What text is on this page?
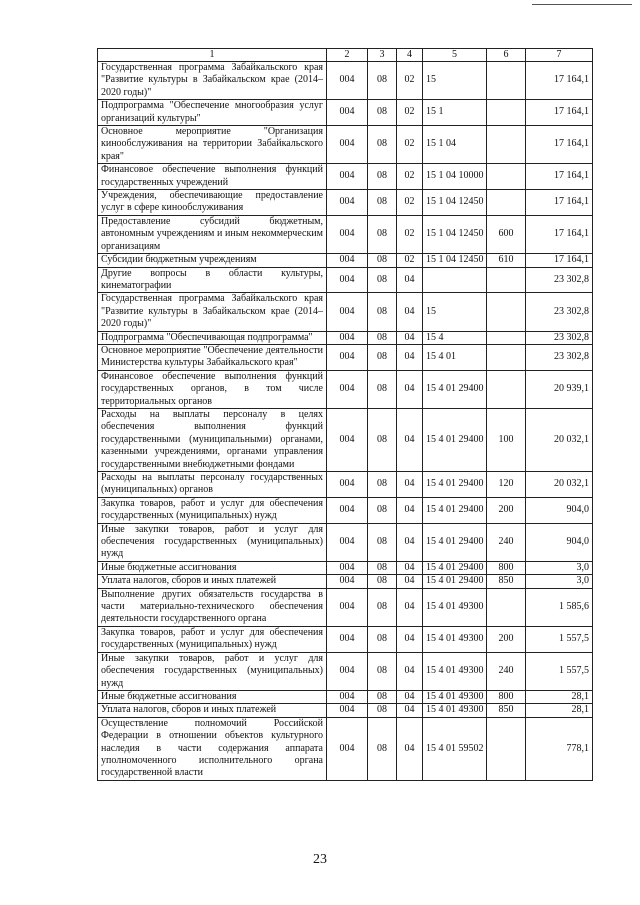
1	2	3	4	5	6	7
Государственная программа Забайкальского края "Развитие культуры в Забайкальском крае (2014–2020 годы)"	004	08	02	15		17 164,1
Подпрограмма "Обеспечение многообразия услуг организаций культуры"	004	08	02	15 1		17 164,1
Основное мероприятие "Организация кинообслуживания на территории Забайкальского края"	004	08	02	15 1 04		17 164,1
Финансовое обеспечение выполнения функций государственных учреждений	004	08	02	15 1 04 10000		17 164,1
Учреждения, обеспечивающие предоставление услуг в сфере кинообслуживания	004	08	02	15 1 04 12450		17 164,1
Предоставление субсидий бюджетным, автономным учреждениям и иным некоммерческим организациям	004	08	02	15 1 04 12450	600	17 164,1
Субсидии бюджетным учреждениям	004	08	02	15 1 04 12450	610	17 164,1
Другие вопросы в области культуры, кинематографии	004	08	04			23 302,8
Государственная программа Забайкальского края "Развитие культуры в Забайкальском крае (2014–2020 годы)"	004	08	04	15		23 302,8
Подпрограмма "Обеспечивающая подпрограмма"	004	08	04	15 4		23 302,8
Основное мероприятие "Обеспечение деятельности Министерства культуры Забайкальского края"	004	08	04	15 4 01		23 302,8
Финансовое обеспечение выполнения функций государственных органов, в том числе территориальных органов	004	08	04	15 4 01 29400		20 939,1
Расходы на выплаты персоналу в целях обеспечения выполнения функций государственными (муниципальными) органами, казенными учреждениями, органами управления государственными внебюджетными фондами	004	08	04	15 4 01 29400	100	20 032,1
Расходы на выплаты персоналу государственных (муниципальных) органов	004	08	04	15 4 01 29400	120	20 032,1
Закупка товаров, работ и услуг для обеспечения государственных (муниципальных) нужд	004	08	04	15 4 01 29400	200	904,0
Иные закупки товаров, работ и услуг для обеспечения государственных (муниципальных) нужд	004	08	04	15 4 01 29400	240	904,0
Иные бюджетные ассигнования	004	08	04	15 4 01 29400	800	3,0
Уплата налогов, сборов и иных платежей	004	08	04	15 4 01 29400	850	3,0
Выполнение других обязательств государства в части материально-технического обеспечения деятельности государственного органа	004	08	04	15 4 01 49300		1 585,6
Закупка товаров, работ и услуг для обеспечения государственных (муниципальных) нужд	004	08	04	15 4 01 49300	200	1 557,5
Иные закупки товаров, работ и услуг для обеспечения государственных (муниципальных) нужд	004	08	04	15 4 01 49300	240	1 557,5
Иные бюджетные ассигнования	004	08	04	15 4 01 49300	800	28,1
Уплата налогов, сборов и иных платежей	004	08	04	15 4 01 49300	850	28,1
Осуществление полномочий Российской Федерации в отношении объектов культурного наследия в части содержания аппарата уполномоченного исполнительного органа государственной власти	004	08	04	15 4 01 59502		778,1
23
